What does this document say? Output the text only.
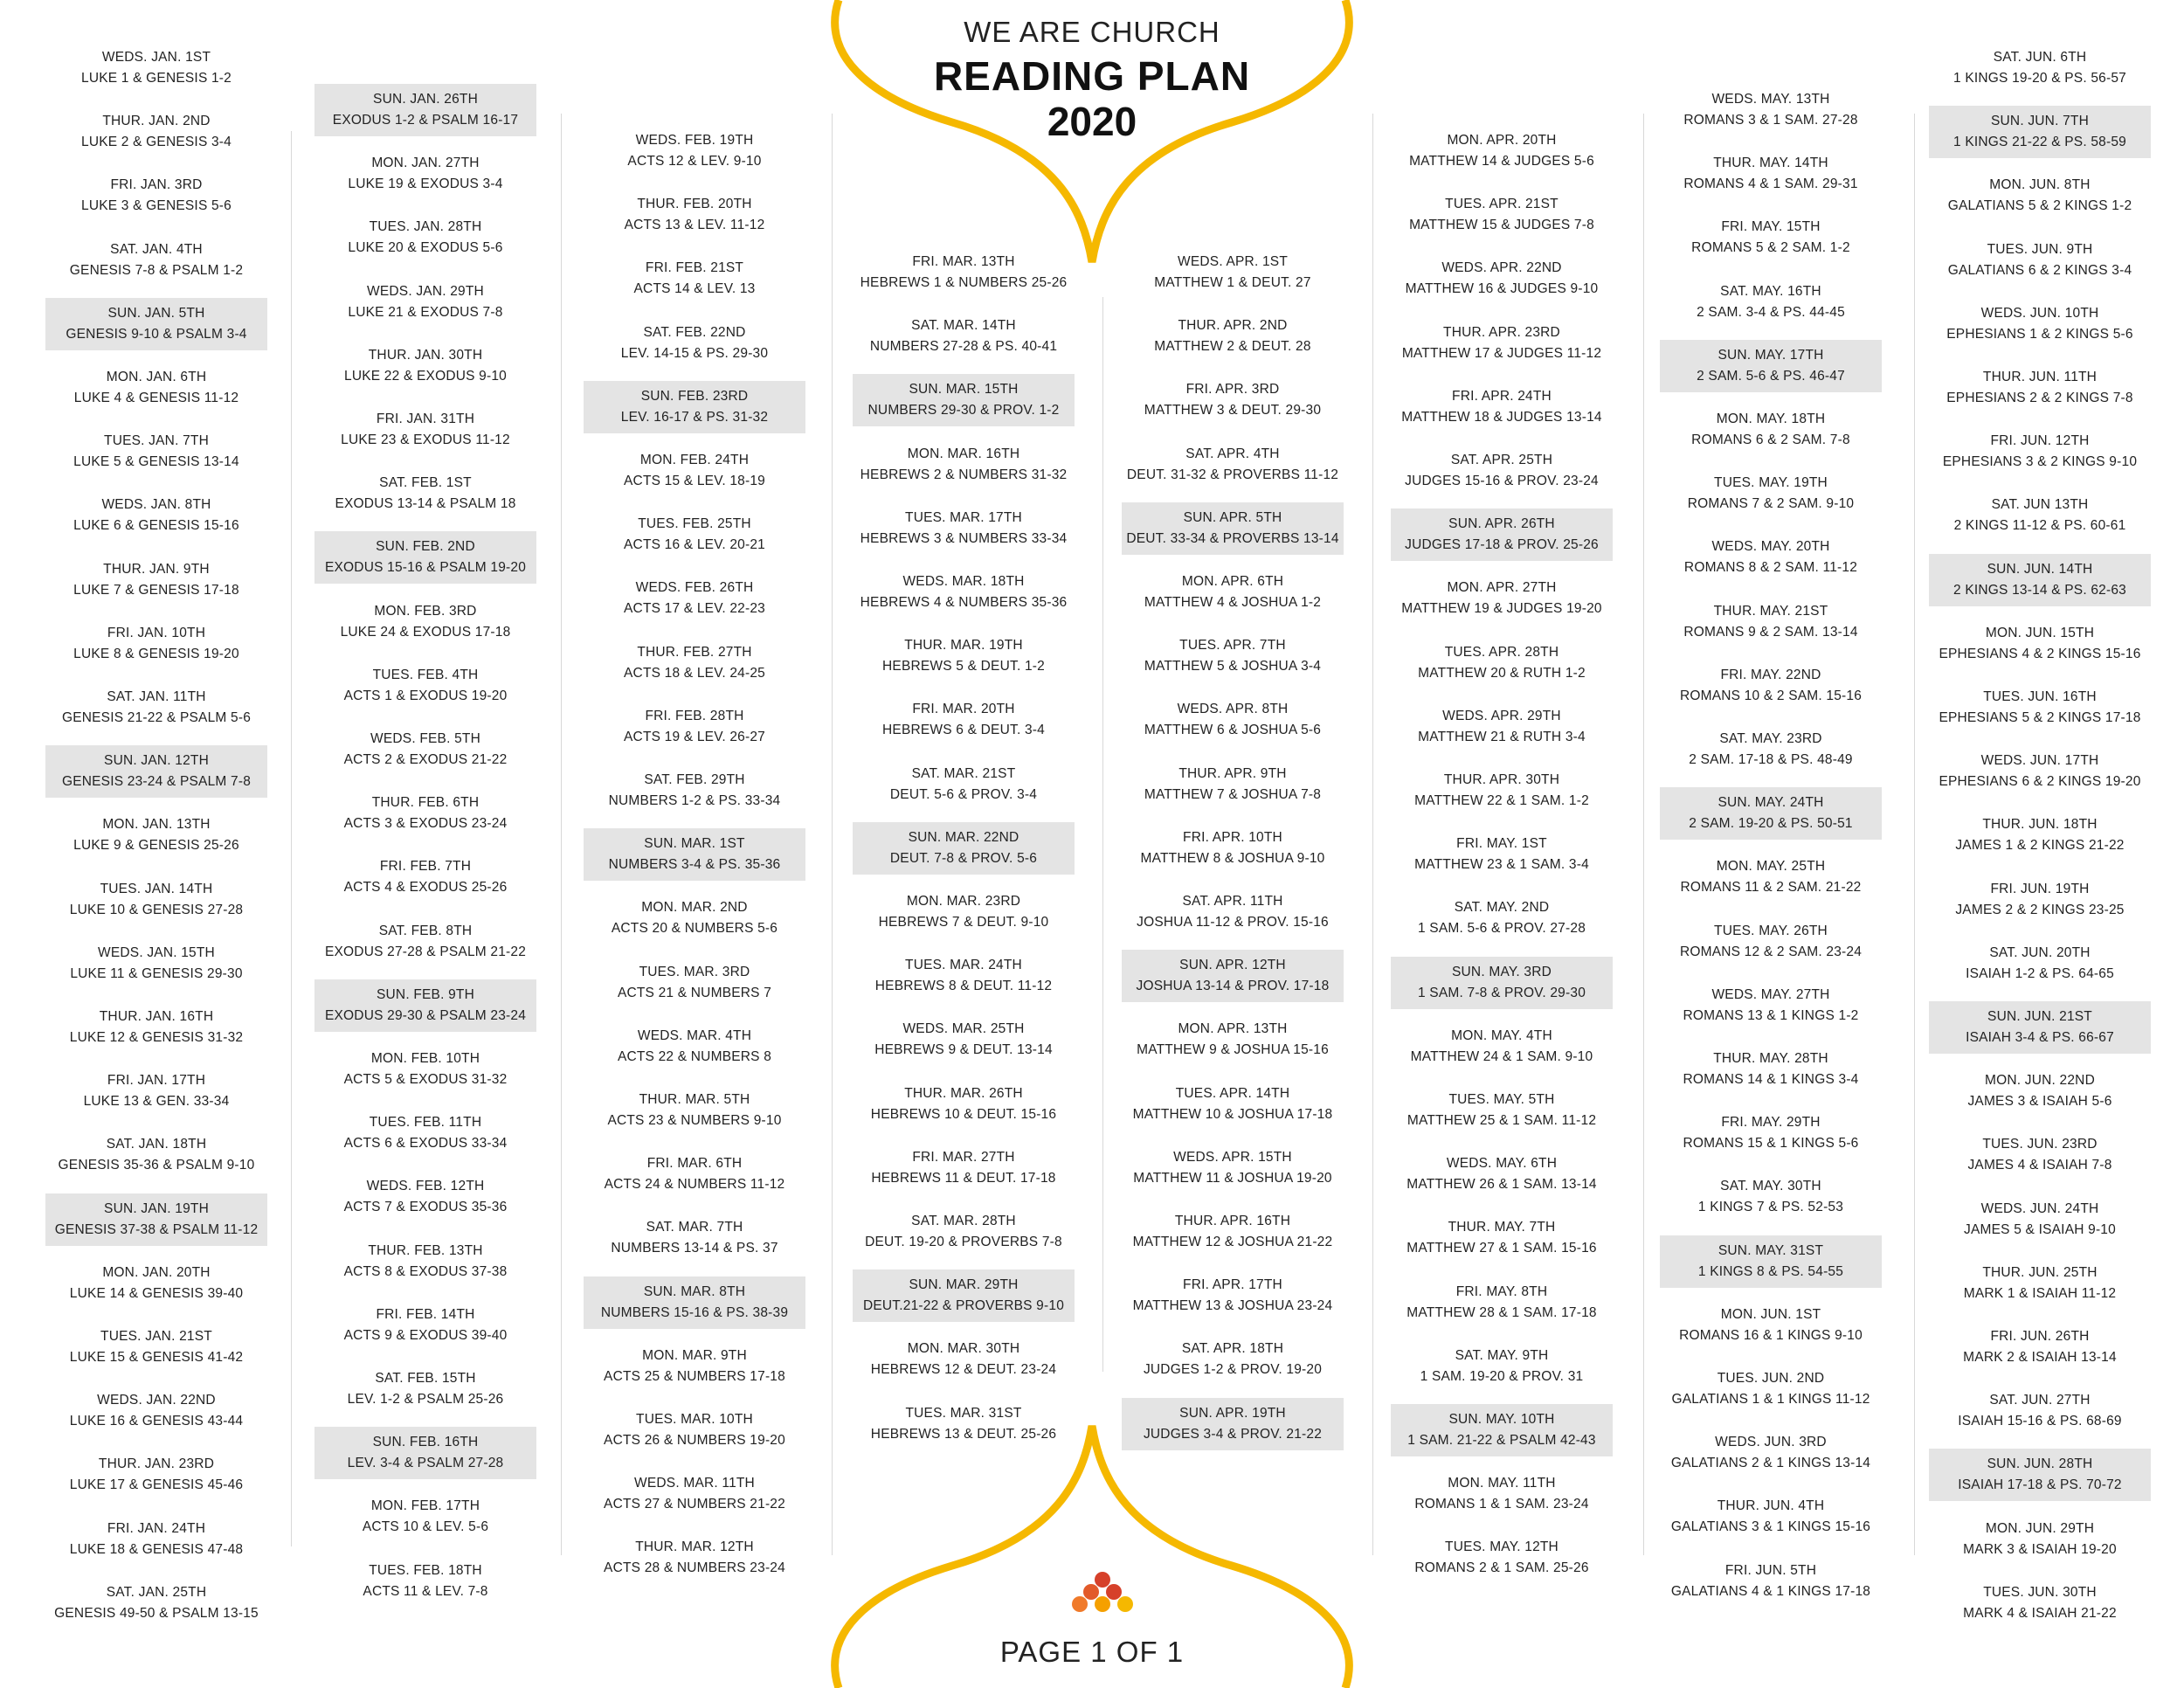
WE ARE CHURCH
READING PLAN
2020
PAGE 1 OF 1
WEDS. JAN. 1ST
LUKE 1 & GENESIS 1-2
THUR. JAN. 2ND
LUKE 2 & GENESIS 3-4
FRI. JAN. 3RD
LUKE 3 & GENESIS 5-6
SAT. JAN. 4TH
GENESIS 7-8 & PSALM 1-2
SUN. JAN. 5TH
GENESIS 9-10 & PSALM 3-4
MON. JAN. 6TH
LUKE 4 & GENESIS 11-12
TUES. JAN. 7TH
LUKE 5 & GENESIS 13-14
WEDS. JAN. 8TH
LUKE 6 & GENESIS 15-16
THUR. JAN. 9TH
LUKE 7 & GENESIS 17-18
FRI. JAN. 10TH
LUKE 8 & GENESIS 19-20
SAT. JAN. 11TH
GENESIS 21-22 & PSALM 5-6
SUN. JAN. 12TH
GENESIS 23-24 & PSALM 7-8
MON. JAN. 13TH
LUKE 9 & GENESIS 25-26
TUES. JAN. 14TH
LUKE 10 & GENESIS 27-28
WEDS. JAN. 15TH
LUKE 11 & GENESIS 29-30
THUR. JAN. 16TH
LUKE 12 & GENESIS 31-32
FRI. JAN. 17TH
LUKE 13 & GEN. 33-34
SAT. JAN. 18TH
GENESIS 35-36 & PSALM 9-10
SUN. JAN. 19TH
GENESIS 37-38 & PSALM 11-12
MON. JAN. 20TH
LUKE 14 & GENESIS 39-40
TUES. JAN. 21ST
LUKE 15 & GENESIS 41-42
WEDS. JAN. 22ND
LUKE 16 & GENESIS 43-44
THUR. JAN. 23RD
LUKE 17 & GENESIS 45-46
FRI. JAN. 24TH
LUKE 18 & GENESIS 47-48
SAT. JAN. 25TH
GENESIS 49-50 & PSALM 13-15
SUN. JAN. 26TH
EXODUS 1-2 & PSALM 16-17
MON. JAN. 27TH
LUKE 19 & EXODUS 3-4
TUES. JAN. 28TH
LUKE 20 & EXODUS 5-6
WEDS. JAN. 29TH
LUKE 21 & EXODUS 7-8
THUR. JAN. 30TH
LUKE 22 & EXODUS 9-10
FRI. JAN. 31TH
LUKE 23 & EXODUS 11-12
SAT. FEB. 1ST
EXODUS 13-14 & PSALM 18
SUN. FEB. 2ND
EXODUS 15-16 & PSALM 19-20
MON. FEB. 3RD
LUKE 24 & EXODUS 17-18
TUES. FEB. 4TH
ACTS 1 & EXODUS 19-20
WEDS. FEB. 5TH
ACTS 2 & EXODUS 21-22
THUR. FEB. 6TH
ACTS 3 & EXODUS 23-24
FRI. FEB. 7TH
ACTS 4 & EXODUS 25-26
SAT. FEB. 8TH
EXODUS 27-28 & PSALM 21-22
SUN. FEB. 9TH
EXODUS 29-30 & PSALM 23-24
MON. FEB. 10TH
ACTS 5 & EXODUS 31-32
TUES. FEB. 11TH
ACTS 6 & EXODUS 33-34
WEDS. FEB. 12TH
ACTS 7 & EXODUS 35-36
THUR. FEB. 13TH
ACTS 8 & EXODUS 37-38
FRI. FEB. 14TH
ACTS 9 & EXODUS 39-40
SAT. FEB. 15TH
LEV. 1-2 & PSALM 25-26
SUN. FEB. 16TH
LEV. 3-4 & PSALM 27-28
MON. FEB. 17TH
ACTS 10 & LEV. 5-6
TUES. FEB. 18TH
ACTS 11 & LEV. 7-8
WEDS. FEB. 19TH
ACTS 12 & LEV. 9-10
THUR. FEB. 20TH
ACTS 13 & LEV. 11-12
FRI. FEB. 21ST
ACTS 14 & LEV. 13
SAT. FEB. 22ND
LEV. 14-15 & PS. 29-30
SUN. FEB. 23RD
LEV. 16-17 & PS. 31-32
MON. FEB. 24TH
ACTS 15 & LEV. 18-19
TUES. FEB. 25TH
ACTS 16 & LEV. 20-21
WEDS. FEB. 26TH
ACTS 17 & LEV. 22-23
THUR. FEB. 27TH
ACTS 18 & LEV. 24-25
FRI. FEB. 28TH
ACTS 19 & LEV. 26-27
SAT. FEB. 29TH
NUMBERS 1-2 & PS. 33-34
SUN. MAR. 1ST
NUMBERS 3-4 & PS. 35-36
MON. MAR. 2ND
ACTS 20 & NUMBERS 5-6
TUES. MAR. 3RD
ACTS 21 & NUMBERS 7
WEDS. MAR. 4TH
ACTS 22 & NUMBERS 8
THUR. MAR. 5TH
ACTS 23 & NUMBERS 9-10
FRI. MAR. 6TH
ACTS 24 & NUMBERS 11-12
SAT. MAR. 7TH
NUMBERS 13-14 & PS. 37
SUN. MAR. 8TH
NUMBERS 15-16 & PS. 38-39
MON. MAR. 9TH
ACTS 25 & NUMBERS 17-18
TUES. MAR. 10TH
ACTS 26 & NUMBERS 19-20
WEDS. MAR. 11TH
ACTS 27 & NUMBERS 21-22
THUR. MAR. 12TH
ACTS 28 & NUMBERS 23-24
FRI. MAR. 13TH
HEBREWS 1 & NUMBERS 25-26
SAT. MAR. 14TH
NUMBERS 27-28 & PS. 40-41
SUN. MAR. 15TH
NUMBERS 29-30 & PROV. 1-2
MON. MAR. 16TH
HEBREWS 2 & NUMBERS 31-32
TUES. MAR. 17TH
HEBREWS 3 & NUMBERS 33-34
WEDS. MAR. 18TH
HEBREWS 4 & NUMBERS 35-36
THUR. MAR. 19TH
HEBREWS 5 & DEUT. 1-2
FRI. MAR. 20TH
HEBREWS 6 & DEUT. 3-4
SAT. MAR. 21ST
DEUT. 5-6 & PROV. 3-4
SUN. MAR. 22ND
DEUT. 7-8 & PROV. 5-6
MON. MAR. 23RD
HEBREWS 7 & DEUT. 9-10
TUES. MAR. 24TH
HEBREWS 8 & DEUT. 11-12
WEDS. MAR. 25TH
HEBREWS 9 & DEUT. 13-14
THUR. MAR. 26TH
HEBREWS 10 & DEUT. 15-16
FRI. MAR. 27TH
HEBREWS 11 & DEUT. 17-18
SAT. MAR. 28TH
DEUT. 19-20 & PROVERBS 7-8
SUN. MAR. 29TH
DEUT.21-22 & PROVERBS 9-10
MON. MAR. 30TH
HEBREWS 12 & DEUT. 23-24
TUES. MAR. 31ST
HEBREWS 13 & DEUT. 25-26
WEDS. APR. 1ST
MATTHEW 1 & DEUT. 27
THUR. APR. 2ND
MATTHEW 2 & DEUT. 28
FRI. APR. 3RD
MATTHEW 3 & DEUT. 29-30
SAT. APR. 4TH
DEUT. 31-32 & PROVERBS 11-12
SUN. APR. 5TH
DEUT. 33-34 & PROVERBS 13-14
MON. APR. 6TH
MATTHEW 4 & JOSHUA 1-2
TUES. APR. 7TH
MATTHEW 5 & JOSHUA 3-4
WEDS. APR. 8TH
MATTHEW 6 & JOSHUA 5-6
THUR. APR. 9TH
MATTHEW 7 & JOSHUA 7-8
FRI. APR. 10TH
MATTHEW 8 & JOSHUA 9-10
SAT. APR. 11TH
JOSHUA 11-12 & PROV. 15-16
SUN. APR. 12TH
JOSHUA 13-14 & PROV. 17-18
MON. APR. 13TH
MATTHEW 9 & JOSHUA 15-16
TUES. APR. 14TH
MATTHEW 10 & JOSHUA 17-18
WEDS. APR. 15TH
MATTHEW 11 & JOSHUA 19-20
THUR. APR. 16TH
MATTHEW 12 & JOSHUA 21-22
FRI. APR. 17TH
MATTHEW 13 & JOSHUA 23-24
SAT. APR. 18TH
JUDGES 1-2 & PROV. 19-20
SUN. APR. 19TH
JUDGES 3-4 & PROV. 21-22
MON. APR. 20TH
MATTHEW 14 & JUDGES 5-6
TUES. APR. 21ST
MATTHEW 15 & JUDGES 7-8
WEDS. APR. 22ND
MATTHEW 16 & JUDGES 9-10
THUR. APR. 23RD
MATTHEW 17 & JUDGES 11-12
FRI. APR. 24TH
MATTHEW 18 & JUDGES 13-14
SAT. APR. 25TH
JUDGES 15-16 & PROV. 23-24
SUN. APR. 26TH
JUDGES 17-18 & PROV. 25-26
MON. APR. 27TH
MATTHEW 19 & JUDGES 19-20
TUES. APR. 28TH
MATTHEW 20 & RUTH 1-2
WEDS. APR. 29TH
MATTHEW 21 & RUTH 3-4
THUR. APR. 30TH
MATTHEW 22 & 1 SAM. 1-2
FRI. MAY. 1ST
MATTHEW 23 & 1 SAM. 3-4
SAT. MAY. 2ND
1 SAM. 5-6 & PROV. 27-28
SUN. MAY. 3RD
1 SAM. 7-8 & PROV. 29-30
MON. MAY. 4TH
MATTHEW 24 & 1 SAM. 9-10
TUES. MAY. 5TH
MATTHEW 25 & 1 SAM. 11-12
WEDS. MAY. 6TH
MATTHEW 26 & 1 SAM. 13-14
THUR. MAY. 7TH
MATTHEW 27 & 1 SAM. 15-16
FRI. MAY. 8TH
MATTHEW 28 & 1 SAM. 17-18
SAT. MAY. 9TH
1 SAM. 19-20 & PROV. 31
SUN. MAY. 10TH
1 SAM. 21-22 & PSALM 42-43
MON. MAY. 11TH
ROMANS 1 & 1 SAM. 23-24
TUES. MAY. 12TH
ROMANS 2 & 1 SAM. 25-26
WEDS. MAY. 13TH
ROMANS 3 & 1 SAM. 27-28
THUR. MAY. 14TH
ROMANS 4 & 1 SAM. 29-31
FRI. MAY. 15TH
ROMANS 5 & 2 SAM. 1-2
SAT. MAY. 16TH
2 SAM. 3-4 & PS. 44-45
SUN. MAY. 17TH
2 SAM. 5-6 & PS. 46-47
MON. MAY. 18TH
ROMANS 6 & 2 SAM. 7-8
TUES. MAY. 19TH
ROMANS 7 & 2 SAM. 9-10
WEDS. MAY. 20TH
ROMANS 8 & 2 SAM. 11-12
THUR. MAY. 21ST
ROMANS 9 & 2 SAM. 13-14
FRI. MAY. 22ND
ROMANS 10 & 2 SAM. 15-16
SAT. MAY. 23RD
2 SAM. 17-18 & PS. 48-49
SUN. MAY. 24TH
2 SAM. 19-20 & PS. 50-51
MON. MAY. 25TH
ROMANS 11 & 2 SAM. 21-22
TUES. MAY. 26TH
ROMANS 12 & 2 SAM. 23-24
WEDS. MAY. 27TH
ROMANS 13 & 1 KINGS 1-2
THUR. MAY. 28TH
ROMANS 14 & 1 KINGS 3-4
FRI. MAY. 29TH
ROMANS 15 & 1 KINGS 5-6
SAT. MAY. 30TH
1 KINGS 7 & PS. 52-53
SUN. MAY. 31ST
1 KINGS 8 & PS. 54-55
MON. JUN. 1ST
ROMANS 16 & 1 KINGS 9-10
TUES. JUN. 2ND
GALATIANS 1 & 1 KINGS 11-12
WEDS. JUN. 3RD
GALATIANS 2 & 1 KINGS 13-14
THUR. JUN. 4TH
GALATIANS 3 & 1 KINGS 15-16
FRI. JUN. 5TH
GALATIANS 4 & 1 KINGS 17-18
SAT. JUN. 6TH
1 KINGS 19-20 & PS. 56-57
SUN. JUN. 7TH
1 KINGS 21-22 & PS. 58-59
MON. JUN. 8TH
GALATIANS 5 & 2 KINGS 1-2
TUES. JUN. 9TH
GALATIANS 6 & 2 KINGS 3-4
WEDS. JUN. 10TH
EPHESIANS 1 & 2 KINGS 5-6
THUR. JUN. 11TH
EPHESIANS 2 & 2 KINGS 7-8
FRI. JUN. 12TH
EPHESIANS 3 & 2 KINGS 9-10
SAT. JUN 13TH
2 KINGS 11-12 & PS. 60-61
SUN. JUN. 14TH
2 KINGS 13-14 & PS. 62-63
MON. JUN. 15TH
EPHESIANS 4 & 2 KINGS 15-16
TUES. JUN. 16TH
EPHESIANS 5 & 2 KINGS 17-18
WEDS. JUN. 17TH
EPHESIANS 6 & 2 KINGS 19-20
THUR. JUN. 18TH
JAMES 1 & 2 KINGS 21-22
FRI. JUN. 19TH
JAMES 2 & 2 KINGS 23-25
SAT. JUN. 20TH
ISAIAH 1-2 & PS. 64-65
SUN. JUN. 21ST
ISAIAH 3-4 & PS. 66-67
MON. JUN. 22ND
JAMES 3 & ISAIAH 5-6
TUES. JUN. 23RD
JAMES 4 & ISAIAH 7-8
WEDS. JUN. 24TH
JAMES 5 & ISAIAH 9-10
THUR. JUN. 25TH
MARK 1 & ISAIAH 11-12
FRI. JUN. 26TH
MARK 2 & ISAIAH 13-14
SAT. JUN. 27TH
ISAIAH 15-16 & PS. 68-69
SUN. JUN. 28TH
ISAIAH 17-18 & PS. 70-72
MON. JUN. 29TH
MARK 3 & ISAIAH 19-20
TUES. JUN. 30TH
MARK 4 & ISAIAH 21-22
